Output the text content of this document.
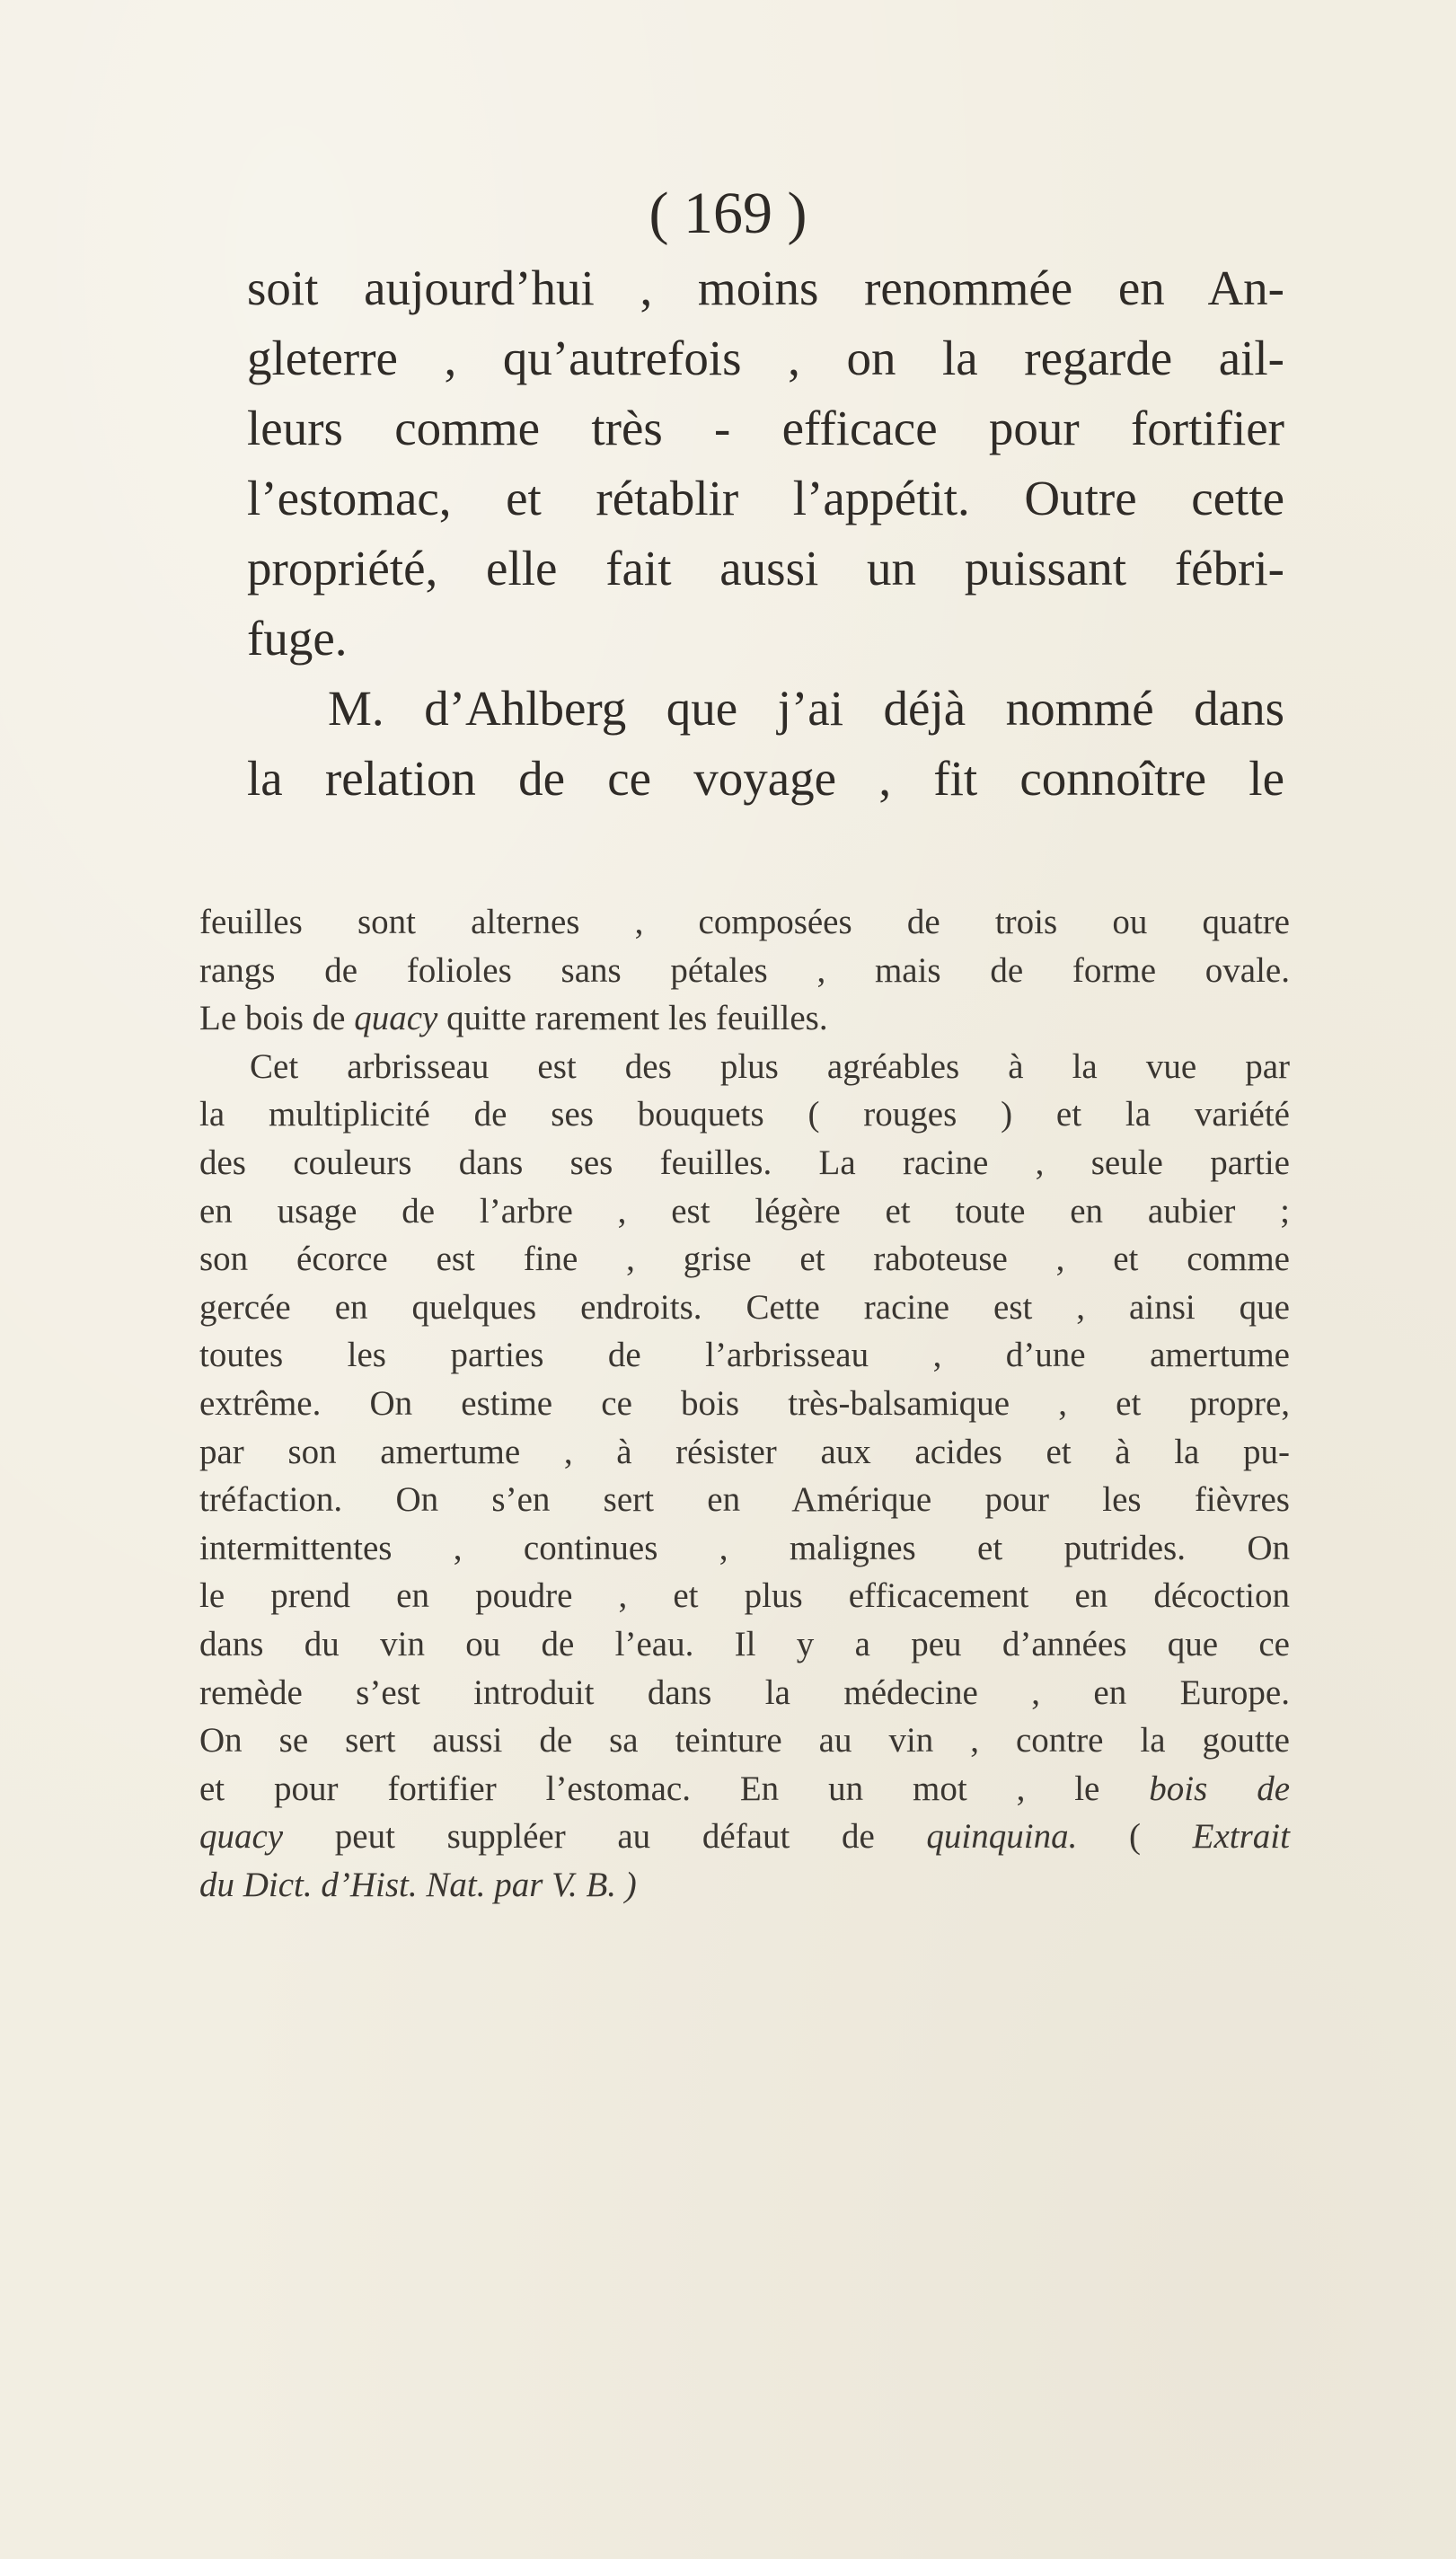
( 169 )
soit aujourd’hui , moins renommée en An-
gleterre , qu’autrefois , on la regarde ail-
leurs comme très - efficace pour fortifier
l’estomac, et rétablir l’appétit. Outre cette
propriété, elle fait aussi un puissant fébri-
fuge.
M. d’Ahlberg que j’ai déjà nommé dans
la relation de ce voyage , fit connoître le
feuilles sont alternes , composées de trois ou quatre
rangs de folioles sans pétales , mais de forme ovale.
Le bois de quacy quitte rarement les feuilles.
Cet arbrisseau est des plus agréables à la vue par
la multiplicité de ses bouquets ( rouges ) et la variété
des couleurs dans ses feuilles. La racine , seule partie
en usage de l’arbre , est légère et toute en aubier ;
son écorce est fine , grise et raboteuse , et comme
gercée en quelques endroits. Cette racine est , ainsi que
toutes les parties de l’arbrisseau , d’une amertume
extrême. On estime ce bois très-balsamique , et propre,
par son amertume , à résister aux acides et à la pu-
tréfaction. On s’en sert en Amérique pour les fièvres
intermittentes , continues , malignes et putrides. On
le prend en poudre , et plus efficacement en décoction
dans du vin ou de l’eau. Il y a peu d’années que ce
remède s’est introduit dans la médecine , en Europe.
On se sert aussi de sa teinture au vin , contre la goutte
et pour fortifier l’estomac. En un mot , le bois de
quacy peut suppléer au défaut de quinquina. ( Extrait
du Dict. d’Hist. Nat. par V. B. )
